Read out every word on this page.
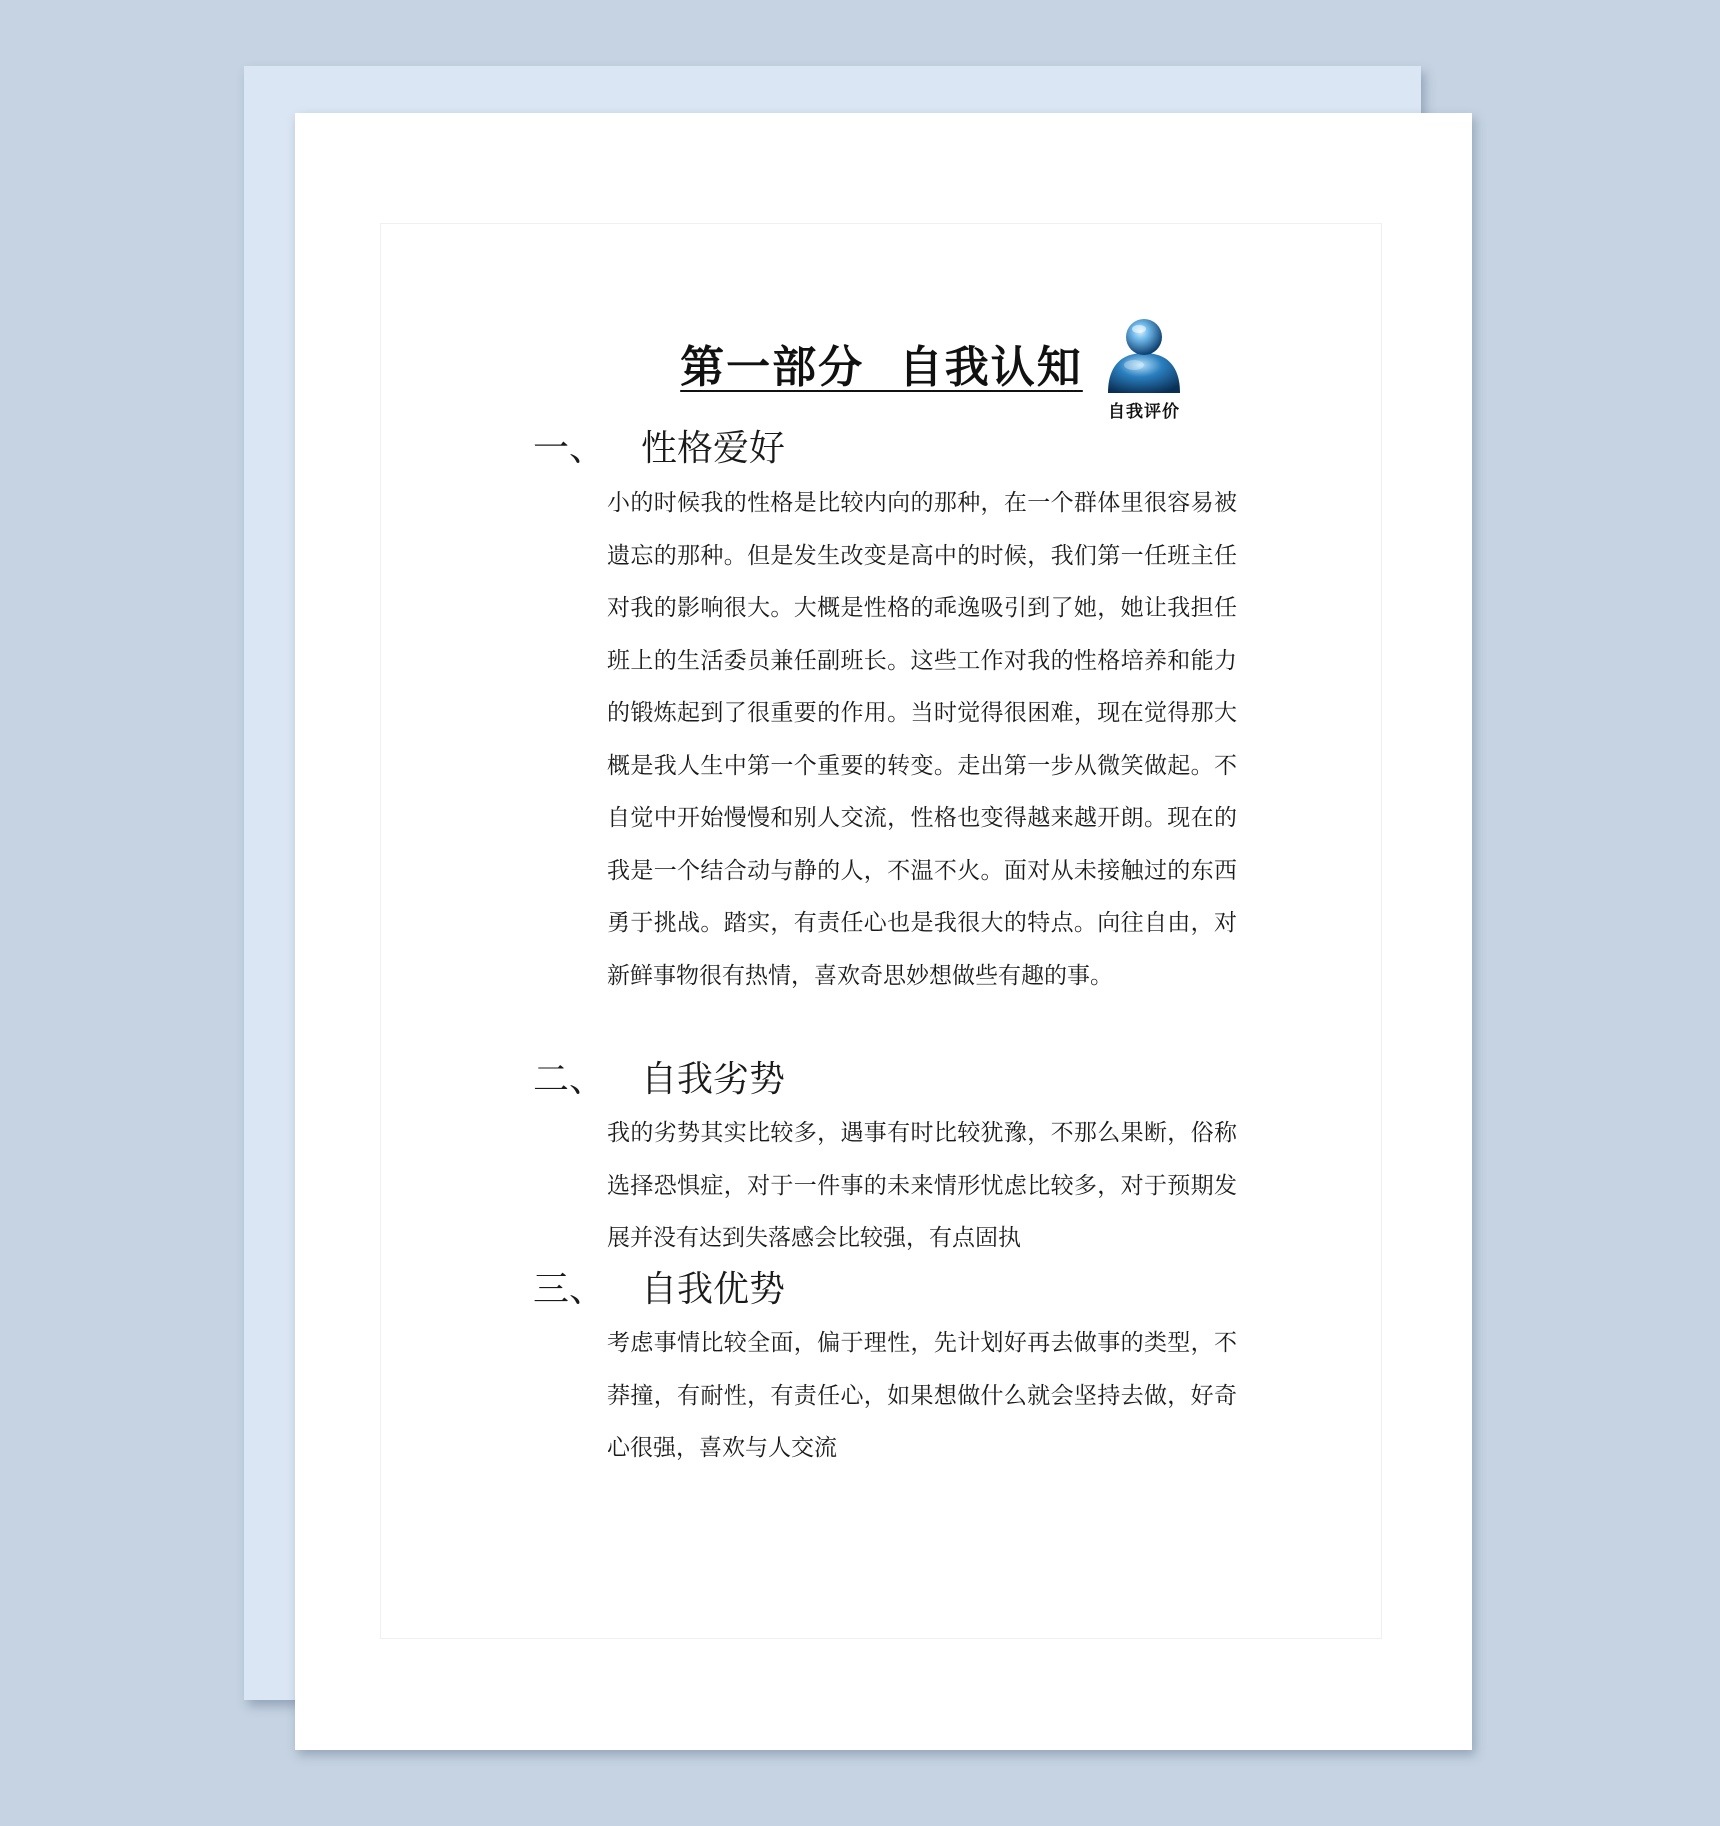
第一部分  自我认知
自我评价
一、 性格爱好

小的时候我的性格是比较内向的那种，在一个群体里很容易被遗忘的那种。但是发生改变是高中的时候，我们第一任班主任对我的影响很大。大概是性格的乖逸吸引到了她，她让我担任班上的生活委员兼任副班长。这些工作对我的性格培养和能力的锻炼起到了很重要的作用。当时觉得很困难，现在觉得那大概是我人生中第一个重要的转变。走出第一步从微笑做起。不自觉中开始慢慢和别人交流，性格也变得越来越开朗。现在的我是一个结合动与静的人，不温不火。面对从未接触过的东西勇于挑战。踏实，有责任心也是我很大的特点。向往自由，对新鲜事物很有热情，喜欢奇思妙想做些有趣的事。

二、 自我劣势

我的劣势其实比较多，遇事有时比较犹豫，不那么果断，俗称选择恐惧症，对于一件事的未来情形忧虑比较多，对于预期发展并没有达到失落感会比较强，有点固执

三、 自我优势

考虑事情比较全面，偏于理性，先计划好再去做事的类型，不莽撞，有耐性，有责任心，如果想做什么就会坚持去做，好奇心很强，喜欢与人交流
